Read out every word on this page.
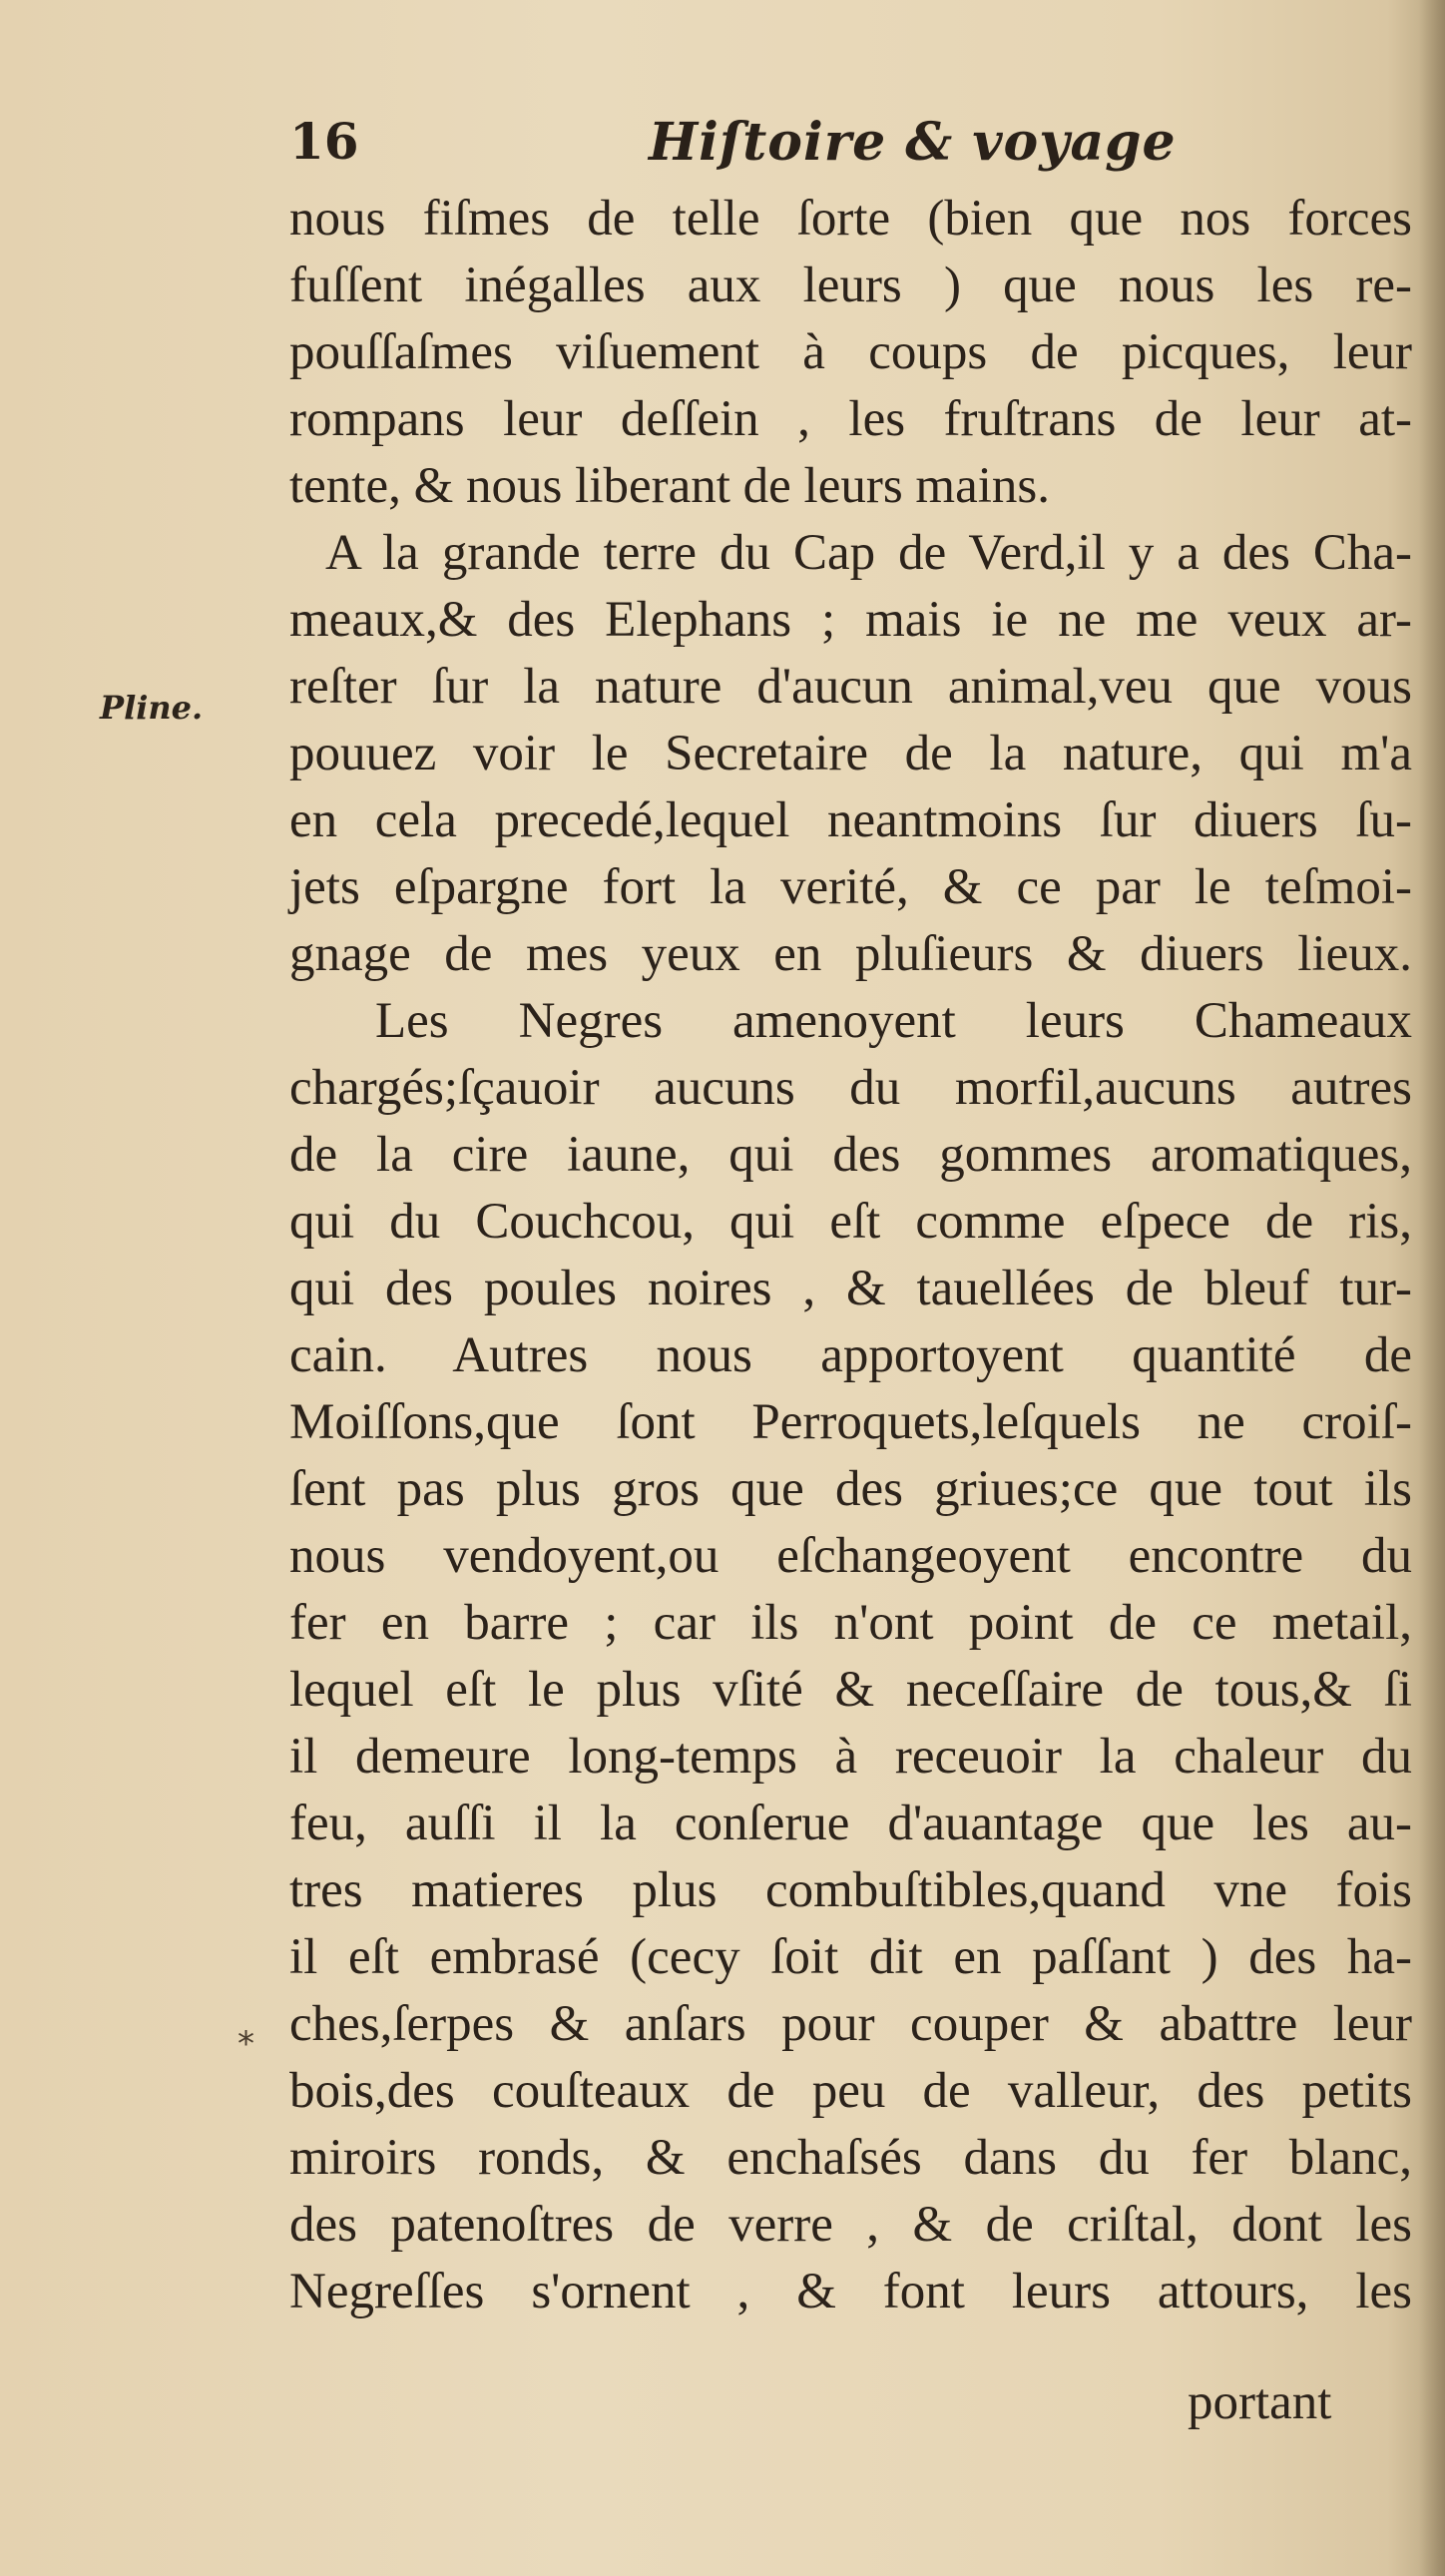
16	Hiſtoire & voyage
Pline.
*
nous fiſmes de telle ſorte (bien que nos forces
fuſſent inégalles aux leurs ) que nous les re-
pouſſaſmes viſuement à coups de picques, leur
rompans leur deſſein , les fruſtrans de leur at-
tente, & nous liberant de leurs mains.
A la grande terre du Cap de Verd,il y a des Cha-
meaux,& des Elephans ; mais ie ne me veux ar-
reſter ſur la nature d'aucun animal,veu que vous
pouuez voir le Secretaire de la nature, qui m'a
en cela precedé,lequel neantmoins ſur diuers ſu-
jets eſpargne fort la verité, & ce par le teſmoi-
gnage de mes yeux en pluſieurs & diuers lieux.
Les Negres amenoyent leurs Chameaux
chargés;ſçauoir aucuns du morfil,aucuns autres
de la cire iaune, qui des gommes aromatiques,
qui du Couchcou, qui eſt comme eſpece de ris,
qui des poules noires , & tauellées de bleuf tur-
cain. Autres nous apportoyent quantité de
Moiſſons,que ſont Perroquets,leſquels ne croiſ-
ſent pas plus gros que des griues;ce que tout ils
nous vendoyent,ou eſchangeoyent encontre du
fer en barre ; car ils n'ont point de ce metail,
lequel eſt le plus vſité & neceſſaire de tous,& ſi
il demeure long-temps à receuoir la chaleur du
feu, auſſi il la conſerue d'auantage que les au-
tres matieres plus combuſtibles,quand vne fois
il eſt embrasé (cecy ſoit dit en paſſant ) des ha-
ches,ſerpes & anſars pour couper & abattre leur
bois,des couſteaux de peu de valleur, des petits
miroirs ronds, & enchaſsés dans du fer blanc,
des patenoſtres de verre , & de criſtal, dont les
Negreſſes s'ornent , & font leurs attours, les
portant
